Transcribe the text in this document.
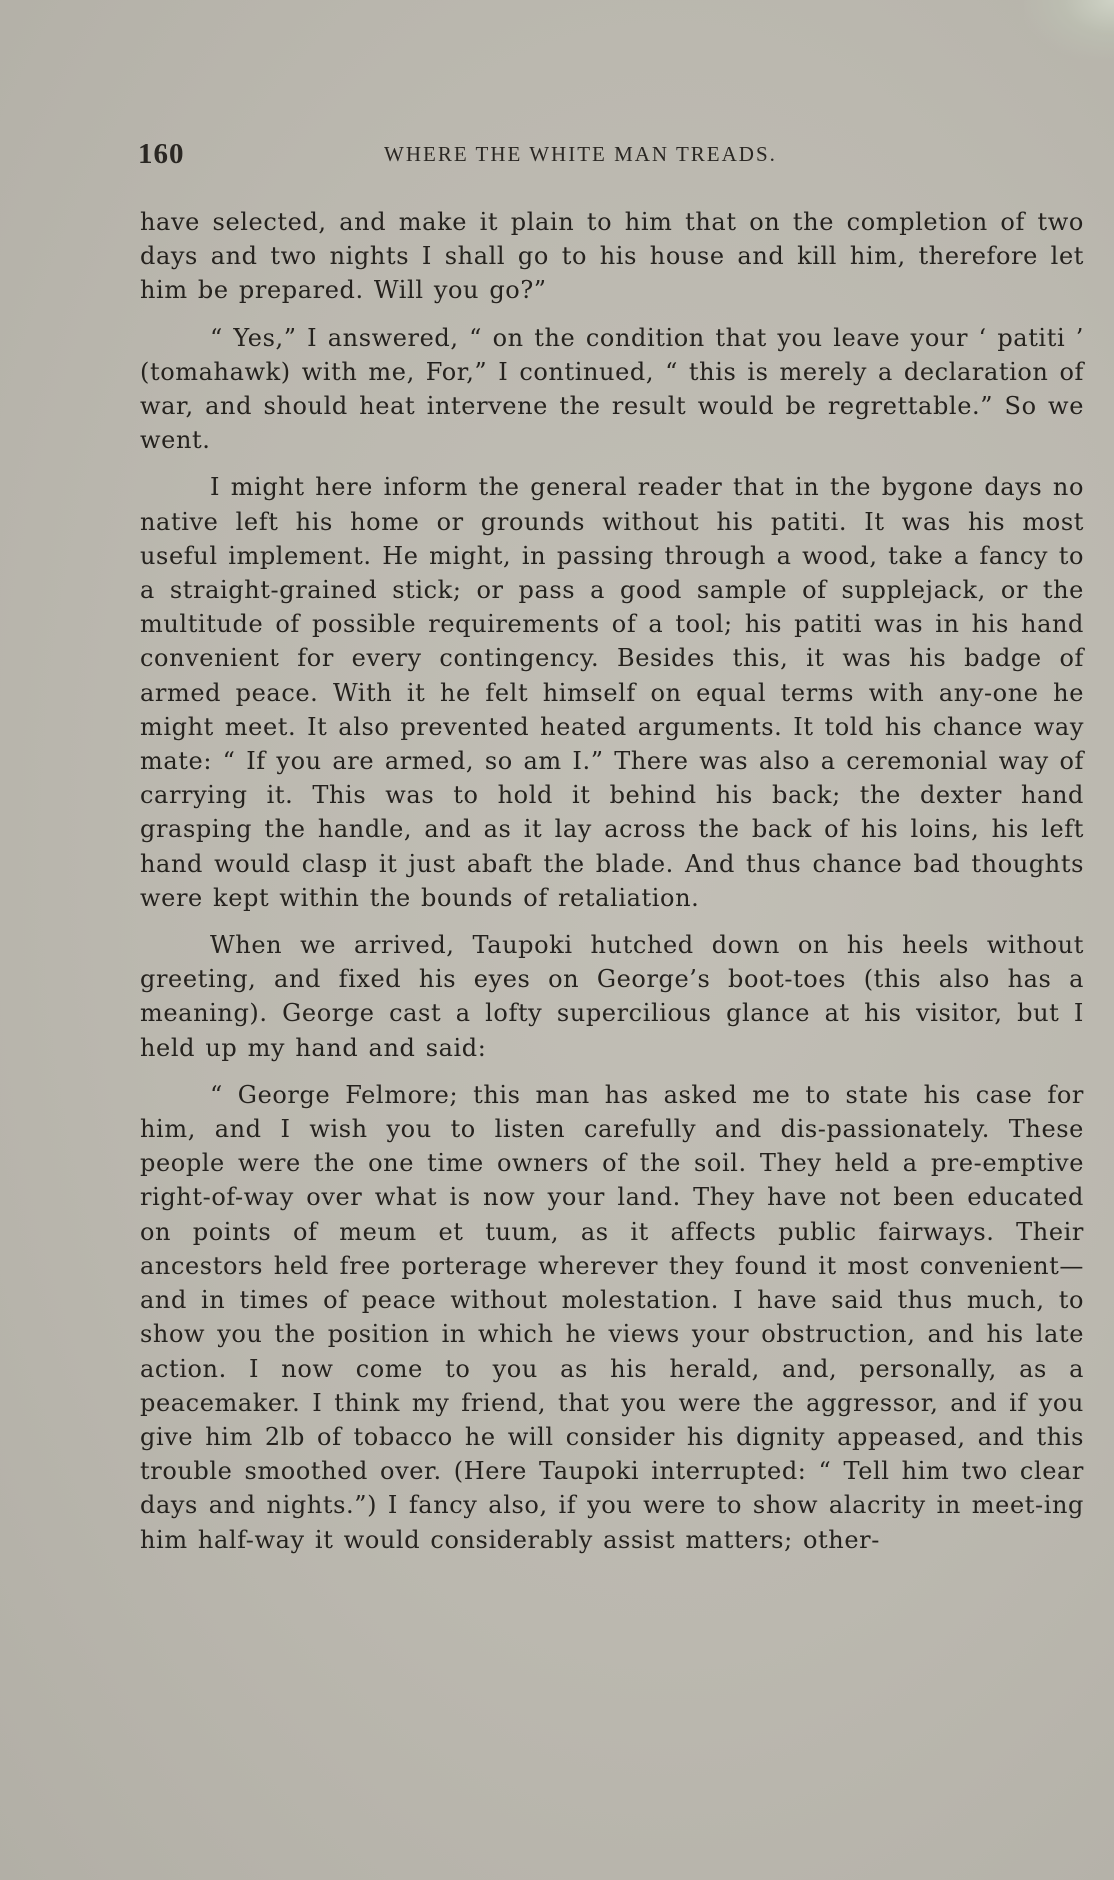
160	WHERE THE WHITE MAN TREADS.

have selected, and make it plain to him that on the completion of two days and two nights I shall go to his house and kill him, therefore let him be prepared. Will you go?”

“ Yes,” I answered, “ on the condition that you leave your ‘ patiti ’ (tomahawk) with me, For,” I continued, “ this is merely a declaration of war, and should heat intervene the result would be regrettable.” So we went.

I might here inform the general reader that in the bygone days no native left his home or grounds without his patiti. It was his most useful implement. He might, in passing through a wood, take a fancy to a straight-grained stick; or pass a good sample of supplejack, or the multitude of possible requirements of a tool; his patiti was in his hand convenient for every contingency. Besides this, it was his badge of armed peace. With it he felt himself on equal terms with any-one he might meet. It also prevented heated arguments. It told his chance way mate: “ If you are armed, so am I.” There was also a ceremonial way of carrying it. This was to hold it behind his back; the dexter hand grasping the handle, and as it lay across the back of his loins, his left hand would clasp it just abaft the blade. And thus chance bad thoughts were kept within the bounds of retaliation.

When we arrived, Taupoki hutched down on his heels without greeting, and fixed his eyes on George’s boot-toes (this also has a meaning). George cast a lofty supercilious glance at his visitor, but I held up my hand and said:

“ George Felmore; this man has asked me to state his case for him, and I wish you to listen carefully and dis-passionately. These people were the one time owners of the soil. They held a pre-emptive right-of-way over what is now your land. They have not been educated on points of meum et tuum, as it affects public fairways. Their ancestors held free porterage wherever they found it most convenient—and in times of peace without molestation. I have said thus much, to show you the position in which he views your obstruction, and his late action. I now come to you as his herald, and, personally, as a peacemaker. I think my friend, that you were the aggressor, and if you give him 2lb of tobacco he will consider his dignity appeased, and this trouble smoothed over. (Here Taupoki interrupted: “ Tell him two clear days and nights.”) I fancy also, if you were to show alacrity in meet-ing him half-way it would considerably assist matters; other-
